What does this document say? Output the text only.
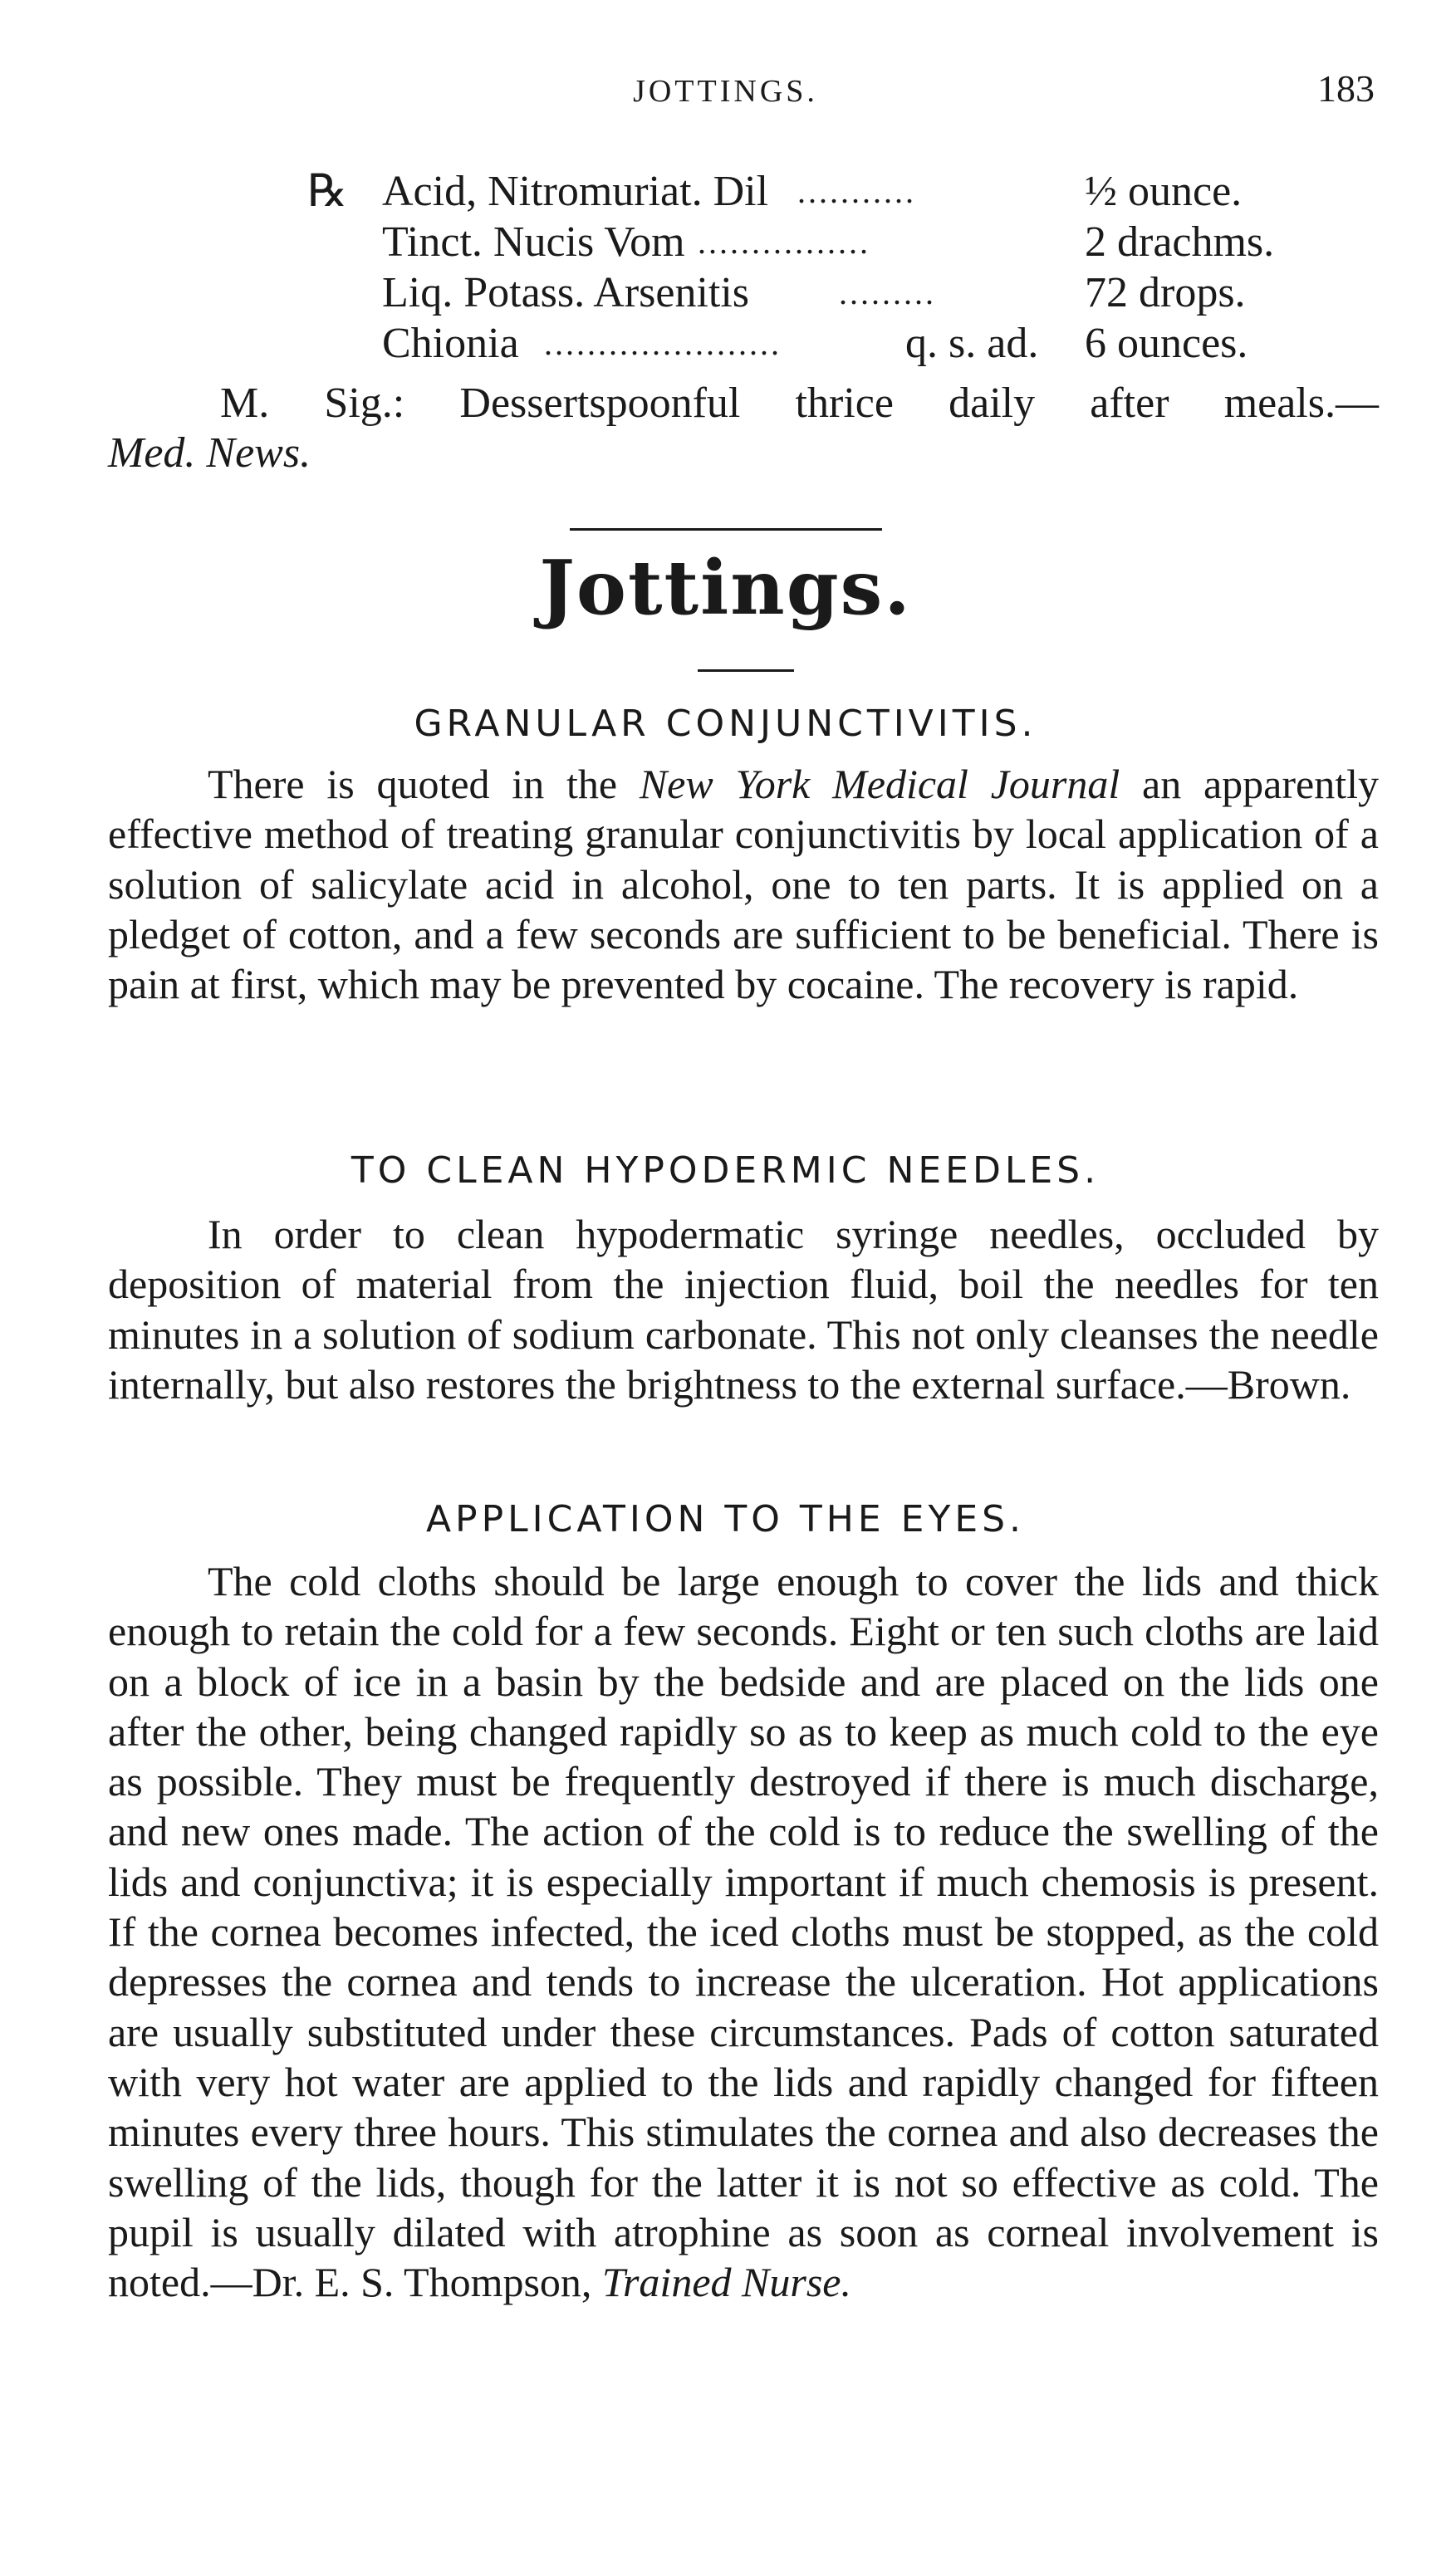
JOTTINGS.	183
℞ Acid, Nitromuriat. Dil ...........	½ ounce.
Tinct. Nucis Vom ................	2 drachms.
Liq. Potass. Arsenitis	.........	72 drops.
Chionia ......................	q. s. ad. 6 ounces.
M. Sig.: Dessertspoonful thrice daily after meals.—
Med. News.
Jottings.
GRANULAR CONJUNCTIVITIS.

There is quoted in the New York Medical Journal an apparently effective method of treating granular conjunctivitis by local application of a solution of salicylate acid in alcohol, one to ten parts. It is applied on a pledget of cotton, and a few seconds are sufficient to be beneficial. There is pain at first, which may be prevented by cocaine. The recovery is rapid.

TO CLEAN HYPODERMIC NEEDLES.

In order to clean hypodermatic syringe needles, occluded by deposition of material from the injection fluid, boil the needles for ten minutes in a solution of sodium carbonate. This not only cleanses the needle internally, but also restores the brightness to the external surface.—Brown.

APPLICATION TO THE EYES.

The cold cloths should be large enough to cover the lids and thick enough to retain the cold for a few seconds. Eight or ten such cloths are laid on a block of ice in a basin by the bedside and are placed on the lids one after the other, being changed rapidly so as to keep as much cold to the eye as possible. They must be frequently destroyed if there is much discharge, and new ones made. The action of the cold is to reduce the swelling of the lids and conjunctiva; it is especially important if much chemosis is present. If the cornea becomes infected, the iced cloths must be stopped, as the cold depresses the cornea and tends to increase the ulceration. Hot applications are usually substituted under these circumstances. Pads of cotton saturated with very hot water are applied to the lids and rapidly changed for fifteen minutes every three hours. This stimulates the cornea and also decreases the swelling of the lids, though for the latter it is not so effective as cold. The pupil is usually dilated with atrophine as soon as corneal involvement is noted.—Dr. E. S. Thompson, Trained Nurse.
